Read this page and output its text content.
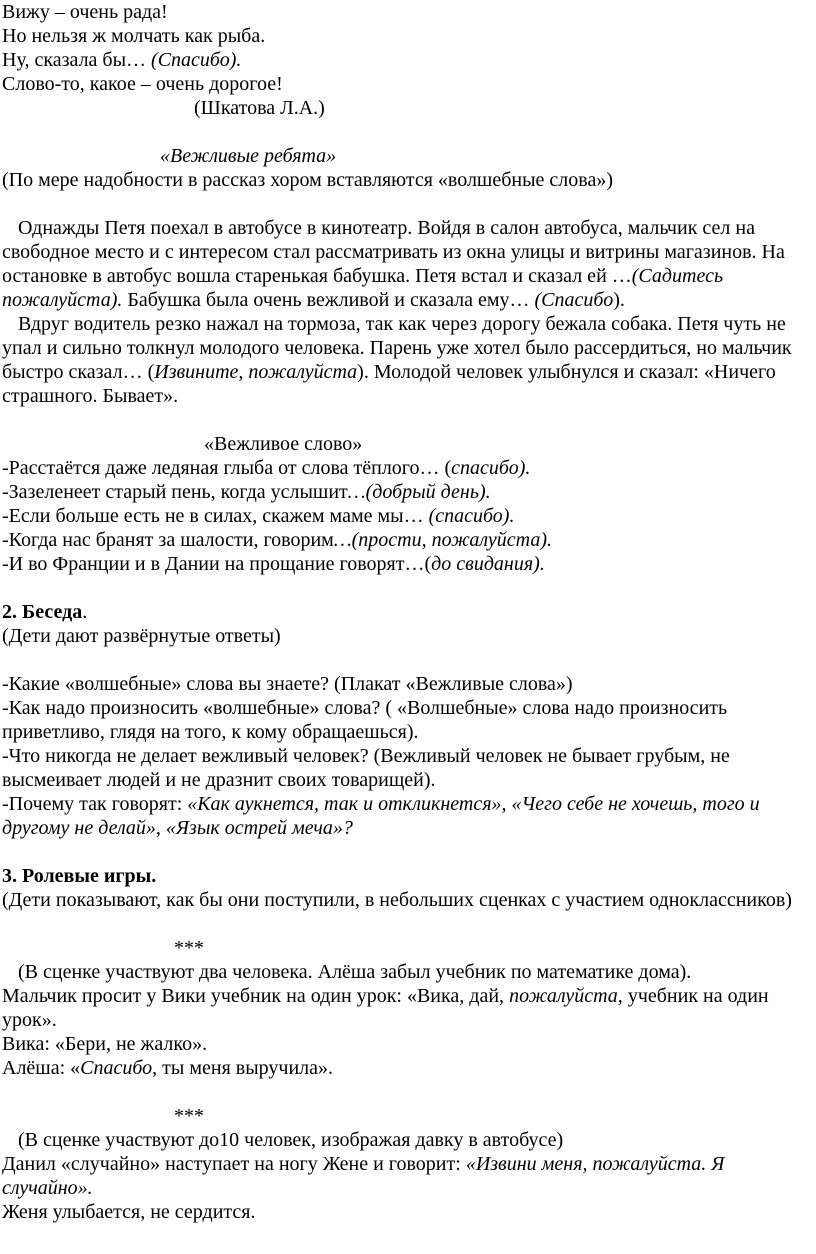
Вижу – очень рада!

Но нельзя ж молчать как рыба.

Ну, сказала бы… (Спасибо).

Слово-то, какое – очень дорогое!

(Шкатова Л.А.)

«Вежливые ребята»

(По мере надобности в рассказ хором вставляются «волшебные слова»)

Однажды Петя поехал в автобусе в кинотеатр. Войдя в салон автобуса, мальчик сел на свободное место и с интересом стал рассматривать из окна улицы и витрины магазинов. На остановке в автобус вошла старенькая бабушка. Петя встал и сказал ей …(Садитесь пожалуйста). Бабушка была очень вежливой и сказала ему… (Спасибо).

Вдруг водитель резко нажал на тормоза, так как через дорогу бежала собака. Петя чуть не упал и сильно толкнул молодого человека. Парень уже хотел было рассердиться, но мальчик быстро сказал… (Извините, пожалуйста). Молодой человек улыбнулся и сказал: «Ничего страшного. Бывает».

«Вежливое слово»

-Расстаётся даже ледяная глыба от слова тёплого… (спасибо).

-Зазеленеет старый пень, когда услышит…(добрый день).

-Если больше есть не в силах, скажем маме мы… (спасибо).

-Когда нас бранят за шалости, говорим…(прости, пожалуйста).

-И во Франции и в Дании на прощание говорят…(до свидания).

2. Беседа.

(Дети дают развёрнутые ответы)

-Какие «волшебные» слова вы знаете? (Плакат «Вежливые слова»)

-Как надо произносить «волшебные» слова? ( «Волшебные» слова надо произносить приветливо, глядя на того, к кому обращаешься).

-Что никогда не делает вежливый человек? (Вежливый человек не бывает грубым, не высмеивает людей и не дразнит своих товарищей).

-Почему так говорят: «Как аукнется, так и откликнется», «Чего себе не хочешь, того и другому не делай», «Язык острей меча»?

3. Ролевые игры.

(Дети показывают, как бы они поступили, в небольших сценках с участием одноклассников)

***

(В сценке участвуют два человека. Алёша забыл учебник по математике дома).

Мальчик просит у Вики учебник на один урок: «Вика, дай, пожалуйста, учебник на один урок».

Вика: «Бери, не жалко».

Алёша: «Спасибо, ты меня выручила».

***

(В сценке участвуют до10 человек, изображая давку в автобусе)

Данил «случайно» наступает на ногу Жене и говорит: «Извини меня, пожалуйста. Я случайно».

Женя улыбается, не сердится.
